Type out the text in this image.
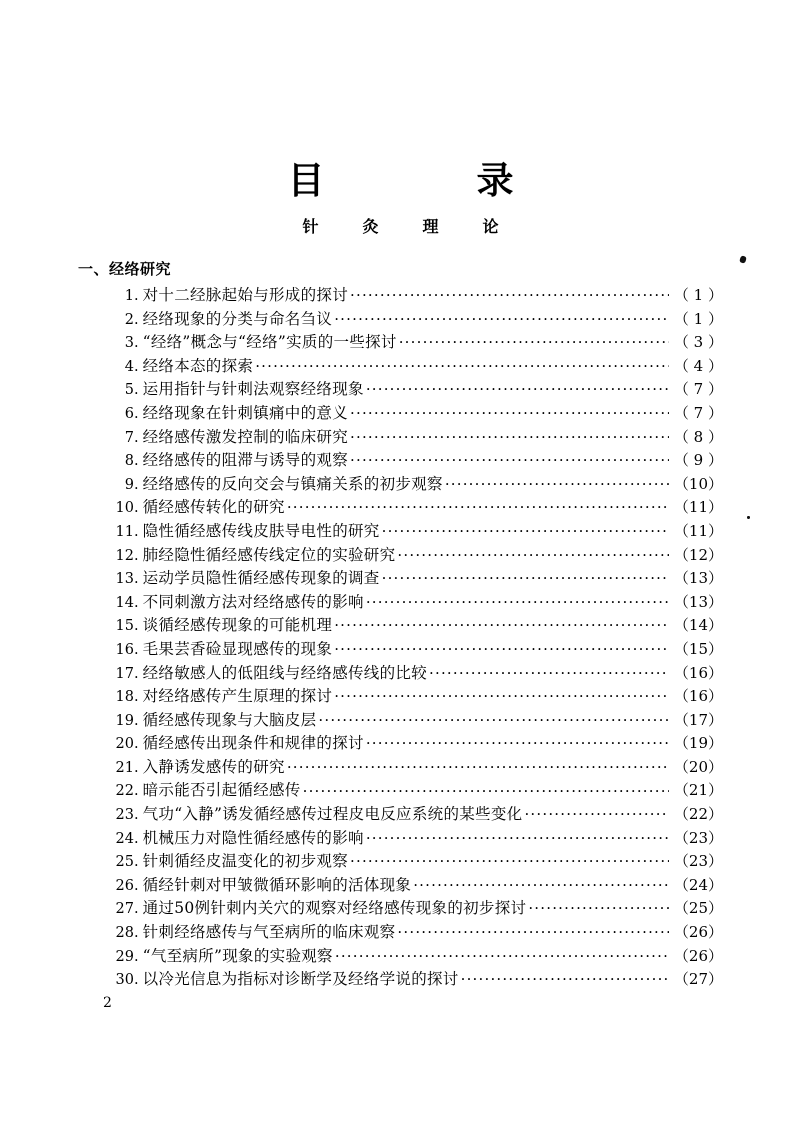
目　　录
针　灸　理　论
一、经络研究
1 . 对十二经脉起始与形成的探讨 ·····	（ 1 ）
2 . 经络现象的分类与命名刍议 ·····	（ 1 ）
3 . “经络”概念与“经络”实质的一些探讨 ·····	（ 3 ）
4 . 经络本态的探索 ·····	（ 4 ）
5 . 运用指针与针刺法观察经络现象 ·····	（ 7 ）
6 . 经络现象在针刺镇痛中的意义 ·····	（ 7 ）
7 . 经络感传激发控制的临床研究 ·····	（ 8 ）
8 . 经络感传的阻滞与诱导的观察 ·····	（ 9 ）
9 . 经络感传的反向交会与镇痛关系的初步观察 ·····	（10）
10 . 循经感传转化的研究 ·····	（11）
11 . 隐性循经感传线皮肤导电性的研究 ·····	（11）
12 . 肺经隐性循经感传线定位的实验研究 ·····	（12）
13 . 运动学员隐性循经感传现象的调查 ·····	（13）
14 . 不同刺激方法对经络感传的影响 ·····	（13）
15 . 谈循经感传现象的可能机理 ·····	（14）
16 . 毛果芸香硷显现感传的现象 ·····	（15）
17 . 经络敏感人的低阻线与经络感传线的比较 ·····	（16）
18 . 对经络感传产生原理的探讨 ·····	（16）
19 . 循经感传现象与大脑皮层 ·····	（17）
20 . 循经感传出现条件和规律的探讨 ·····	（19）
21 . 入静诱发感传的研究 ·····	（20）
22 . 暗示能否引起循经感传 ·····	（21）
23 . 气功“入静”诱发循经感传过程皮电反应系统的某些变化 ·····	（22）
24 . 机械压力对隐性循经感传的影响 ·····	（23）
25 . 针刺循经皮温变化的初步观察 ·····	（23）
26 . 循经针刺对甲皱微循环影响的活体现象 ·····	（24）
27 . 通过50例针刺内关穴的观察对经络感传现象的初步探讨 ·····	（25）
28 . 针刺经络感传与气至病所的临床观察 ·····	（26）
29 . “气至病所”现象的实验观察 ·····	（26）
30 . 以冷光信息为指标对诊断学及经络学说的探讨 ·····	（27）
2
